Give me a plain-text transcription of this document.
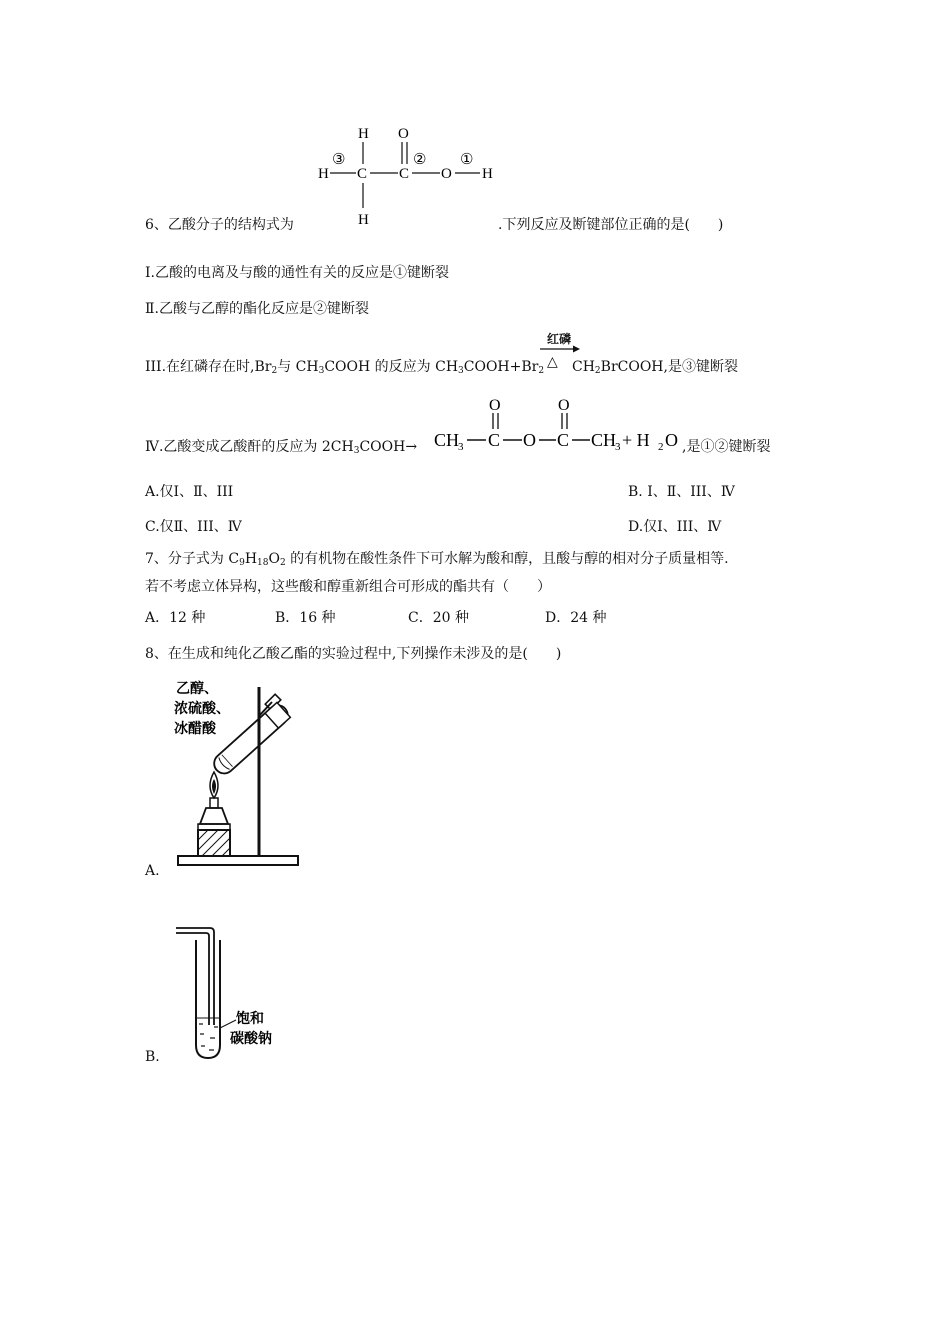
H
H
③
C
H
C
O
②
O
①
H
6、乙酸分子的结构式为	.下列反应及断键部位正确的是(　　)
Ⅰ.乙酸的电离及与酸的通性有关的反应是①键断裂
Ⅱ.乙酸与乙醇的酯化反应是②键断裂
III.在红磷存在时$,Br_2$与 $CH_3COOH$ 的反应为 $CH_3COOH+Br_2$
红磷
△ $CH_2BrCOOH$,是③键断裂
Ⅳ.乙酸变成乙酸酐的反应为 $2CH_3COOH\to$ CH
3 C
O
O C
O
CH
3 + H 2 O ,是①②键断裂
A.仅Ⅰ、Ⅱ、III	B. Ⅰ、Ⅱ、III、Ⅳ
C.仅Ⅱ、III、Ⅳ	D.仅Ⅰ、III、Ⅳ
7、分子式为 $C_9H_{18}O_2$ 的有机物在酸性条件下可水解为酸和醇，且酸与醇的相对分子质量相等.
若不考虑立体异构，这些酸和醇重新组合可形成的酯共有（　　）
A．12 种	B．16 种	C．20 种	D．24 种
8、在生成和纯化乙酸乙酯的实验过程中,下列操作未涉及的是(　　)
乙醇、
浓硫酸、
冰醋酸
A.
饱和
碳酸钠
B.
